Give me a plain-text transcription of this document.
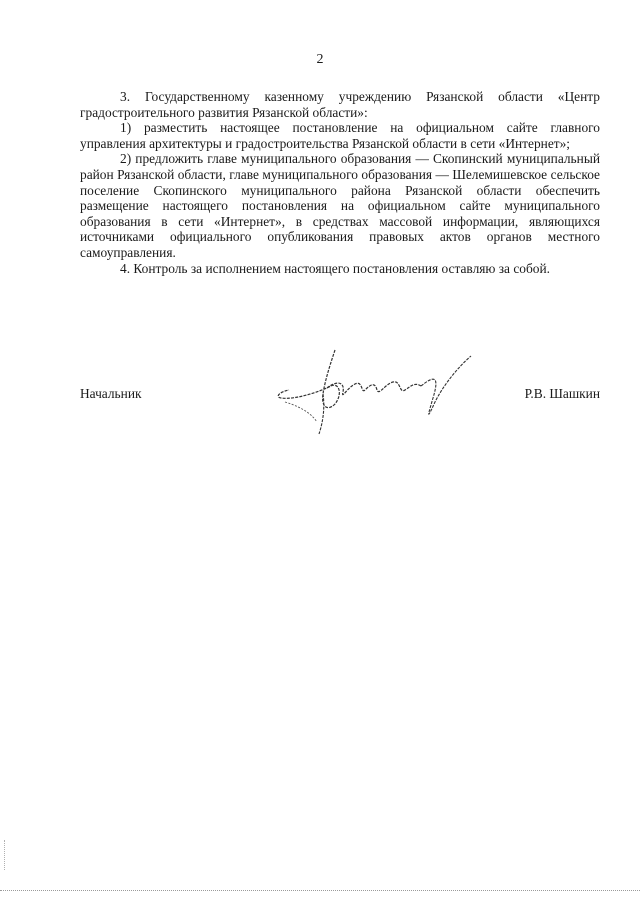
2

3. Государственному казенному учреждению Рязанской области «Центр градостроительного развития Рязанской области»:

1) разместить настоящее постановление на официальном сайте главного управления архитектуры и градостроительства Рязанской области в сети «Интернет»;

2) предложить главе муниципального образования — Скопинский муниципальный район Рязанской области, главе муниципального образования — Шелемишевское сельское поселение Скопинского муниципального района Рязанской области обеспечить размещение настоящего постановления на официальном сайте муниципального образования в сети «Интернет», в средствах массовой информации, являющихся источниками официального опубликования правовых актов органов местного самоуправления.

4. Контроль за исполнением настоящего постановления оставляю за собой.

Начальник	Р.В. Шашкин
